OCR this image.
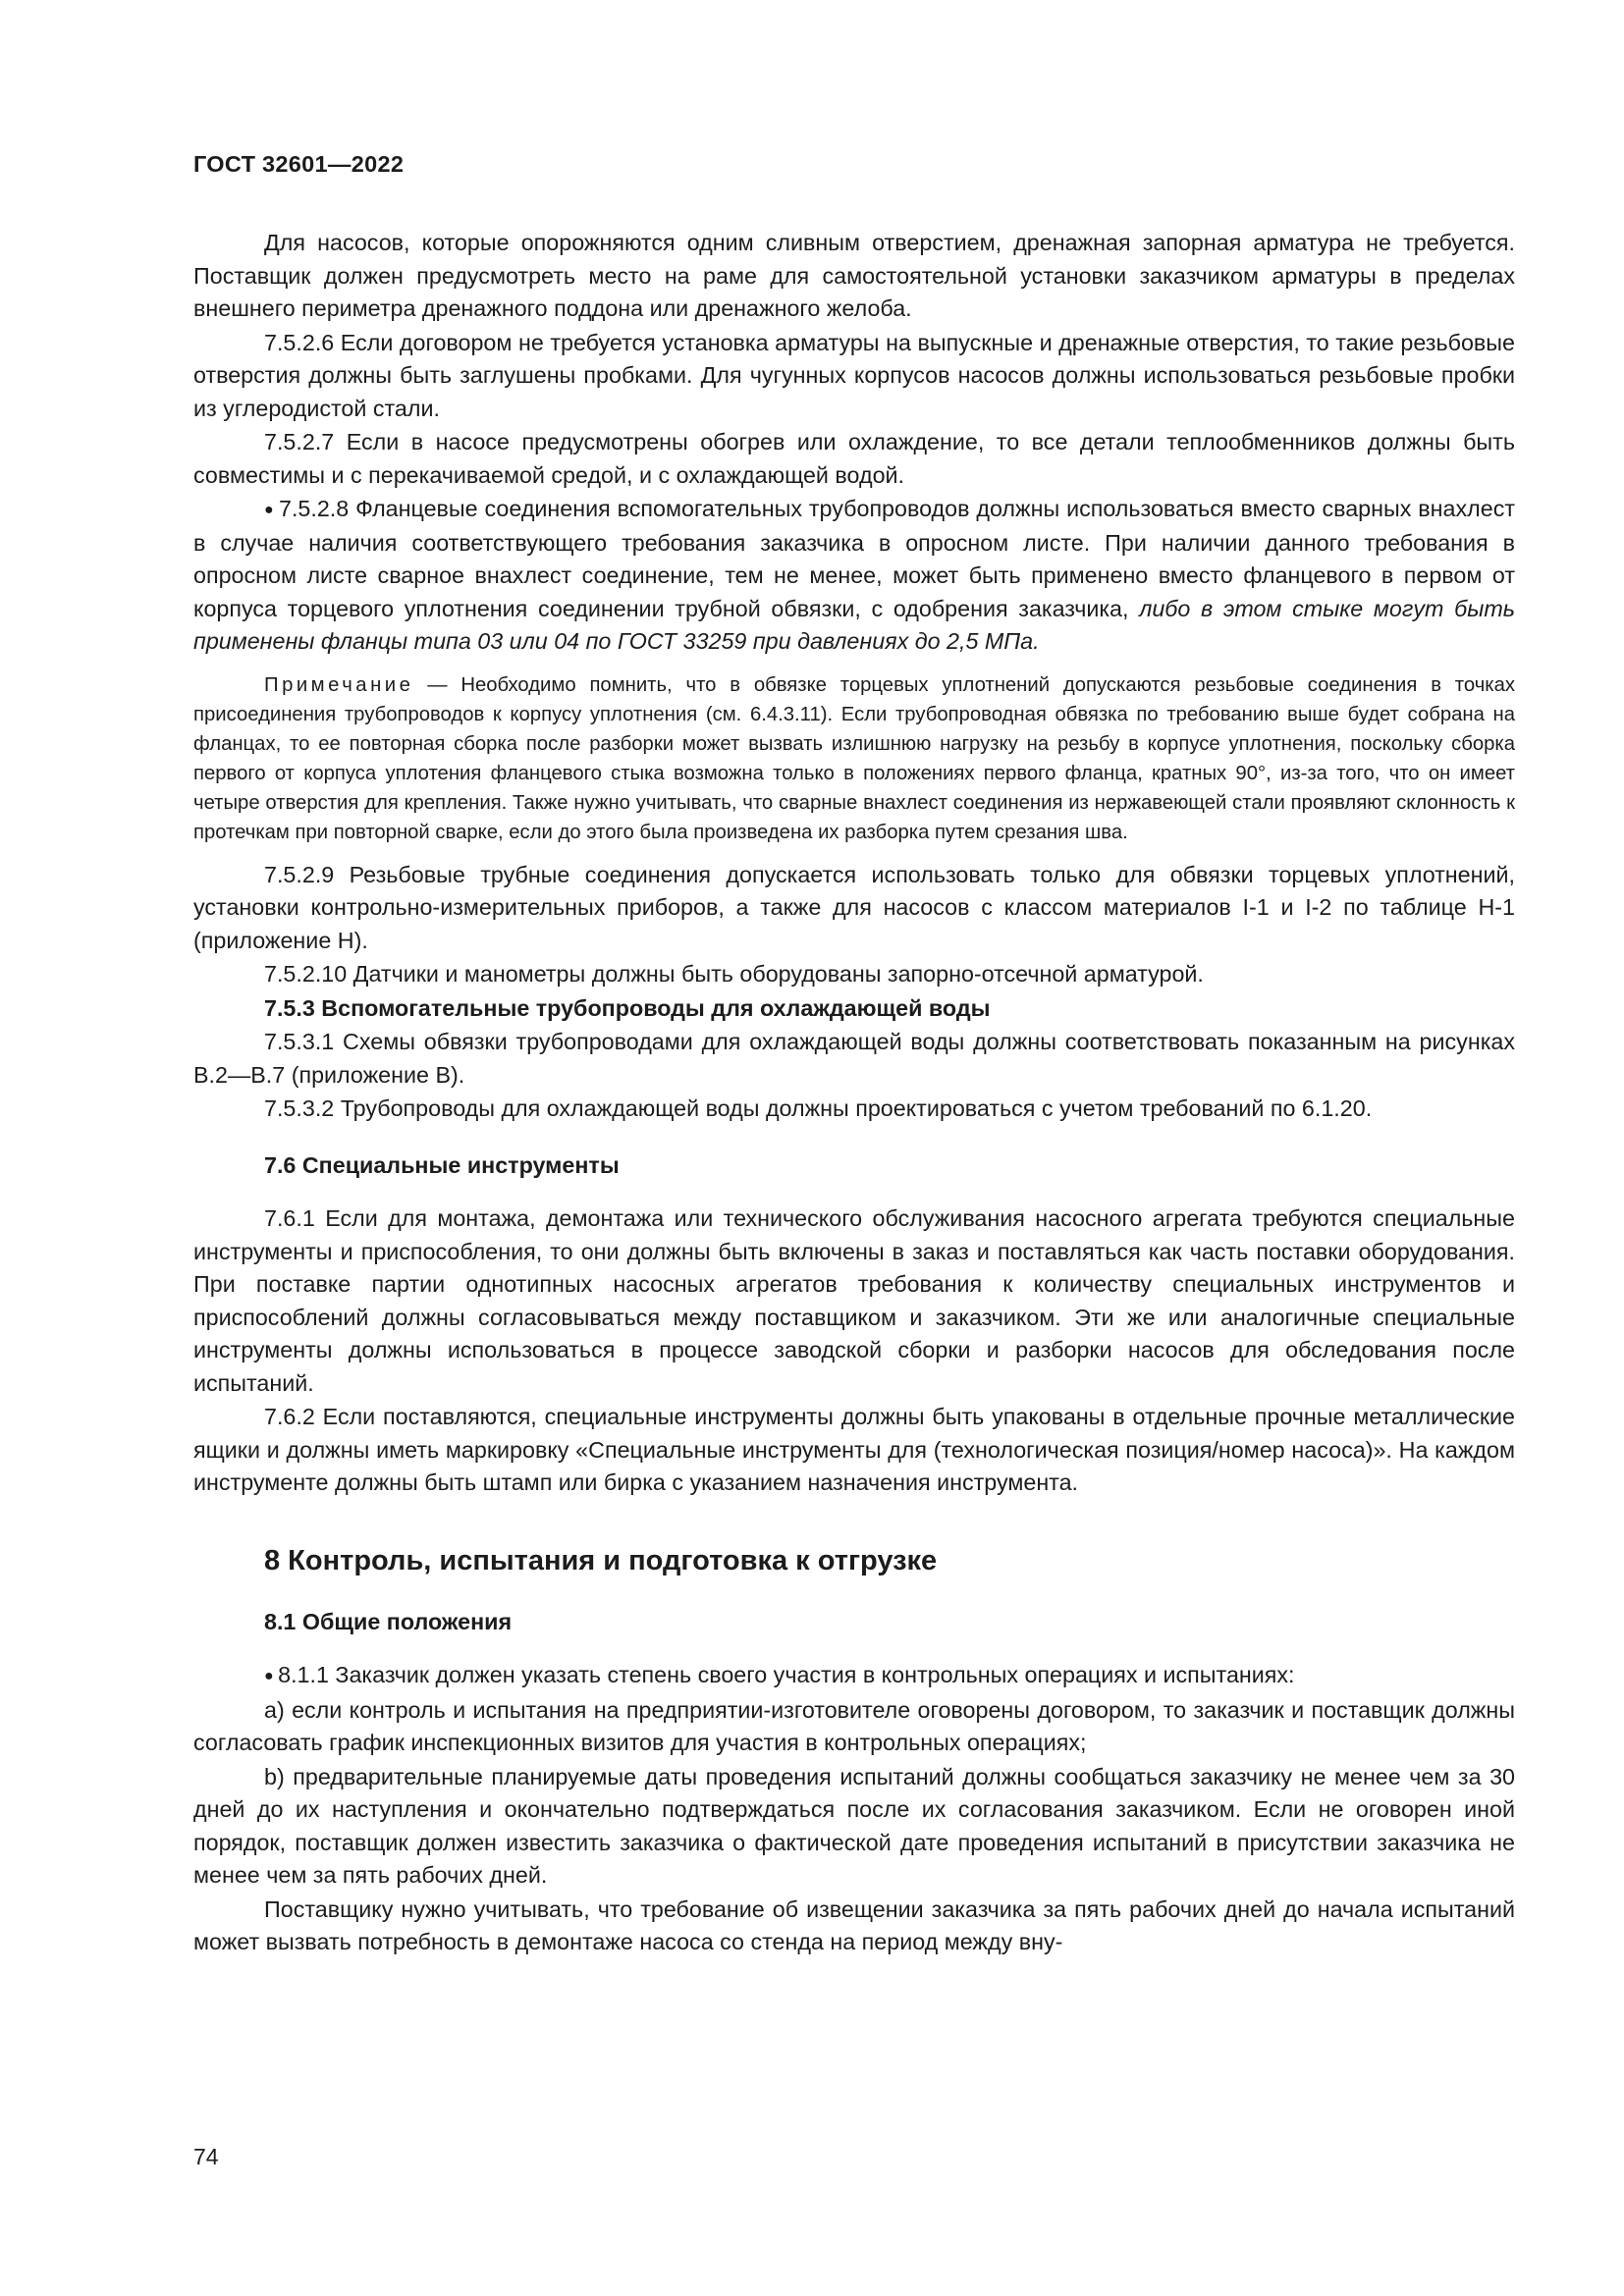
ГОСТ 32601—2022

Для насосов, которые опорожняются одним сливным отверстием, дренажная запорная арматура не требуется. Поставщик должен предусмотреть место на раме для самостоятельной установки заказчиком арматуры в пределах внешнего периметра дренажного поддона или дренажного желоба.

7.5.2.6 Если договором не требуется установка арматуры на выпускные и дренажные отверстия, то такие резьбовые отверстия должны быть заглушены пробками. Для чугунных корпусов насосов должны использоваться резьбовые пробки из углеродистой стали.

7.5.2.7 Если в насосе предусмотрены обогрев или охлаждение, то все детали теплообменников должны быть совместимы и с перекачиваемой средой, и с охлаждающей водой.

● 7.5.2.8 Фланцевые соединения вспомогательных трубопроводов должны использоваться вместо сварных внахлест в случае наличия соответствующего требования заказчика в опросном листе. При наличии данного требования в опросном листе сварное внахлест соединение, тем не менее, может быть применено вместо фланцевого в первом от корпуса торцевого уплотнения соединении трубной обвязки, с одобрения заказчика, либо в этом стыке могут быть применены фланцы типа 03 или 04 по ГОСТ 33259 при давлениях до 2,5 МПа.

Примечание — Необходимо помнить, что в обвязке торцевых уплотнений допускаются резьбовые соединения в точках присоединения трубопроводов к корпусу уплотнения (см. 6.4.3.11). Если трубопроводная обвязка по требованию выше будет собрана на фланцах, то ее повторная сборка после разборки может вызвать излишнюю нагрузку на резьбу в корпусе уплотнения, поскольку сборка первого от корпуса уплотения фланцевого стыка возможна только в положениях первого фланца, кратных 90°, из-за того, что он имеет четыре отверстия для крепления. Также нужно учитывать, что сварные внахлест соединения из нержавеющей стали проявляют склонность к протечкам при повторной сварке, если до этого была произведена их разборка путем срезания шва.

7.5.2.9 Резьбовые трубные соединения допускается использовать только для обвязки торцевых уплотнений, установки контрольно-измерительных приборов, а также для насосов с классом материалов I-1 и I-2 по таблице Н-1 (приложение Н).

7.5.2.10 Датчики и манометры должны быть оборудованы запорно-отсечной арматурой.

7.5.3 Вспомогательные трубопроводы для охлаждающей воды

7.5.3.1 Схемы обвязки трубопроводами для охлаждающей воды должны соответствовать показанным на рисунках В.2—В.7 (приложение В).

7.5.3.2 Трубопроводы для охлаждающей воды должны проектироваться с учетом требований по 6.1.20.

7.6 Специальные инструменты

7.6.1 Если для монтажа, демонтажа или технического обслуживания насосного агрегата требуются специальные инструменты и приспособления, то они должны быть включены в заказ и поставляться как часть поставки оборудования. При поставке партии однотипных насосных агрегатов требования к количеству специальных инструментов и приспособлений должны согласовываться между поставщиком и заказчиком. Эти же или аналогичные специальные инструменты должны использоваться в процессе заводской сборки и разборки насосов для обследования после испытаний.

7.6.2 Если поставляются, специальные инструменты должны быть упакованы в отдельные прочные металлические ящики и должны иметь маркировку «Специальные инструменты для (технологическая позиция/номер насоса)». На каждом инструменте должны быть штамп или бирка с указанием назначения инструмента.

8 Контроль, испытания и подготовка к отгрузке
8.1 Общие положения

● 8.1.1 Заказчик должен указать степень своего участия в контрольных операциях и испытаниях:

a) если контроль и испытания на предприятии-изготовителе оговорены договором, то заказчик и поставщик должны согласовать график инспекционных визитов для участия в контрольных операциях;

b) предварительные планируемые даты проведения испытаний должны сообщаться заказчику не менее чем за 30 дней до их наступления и окончательно подтверждаться после их согласования заказчиком. Если не оговорен иной порядок, поставщик должен известить заказчика о фактической дате проведения испытаний в присутствии заказчика не менее чем за пять рабочих дней.

Поставщику нужно учитывать, что требование об извещении заказчика за пять рабочих дней до начала испытаний может вызвать потребность в демонтаже насоса со стенда на период между вну-

74
